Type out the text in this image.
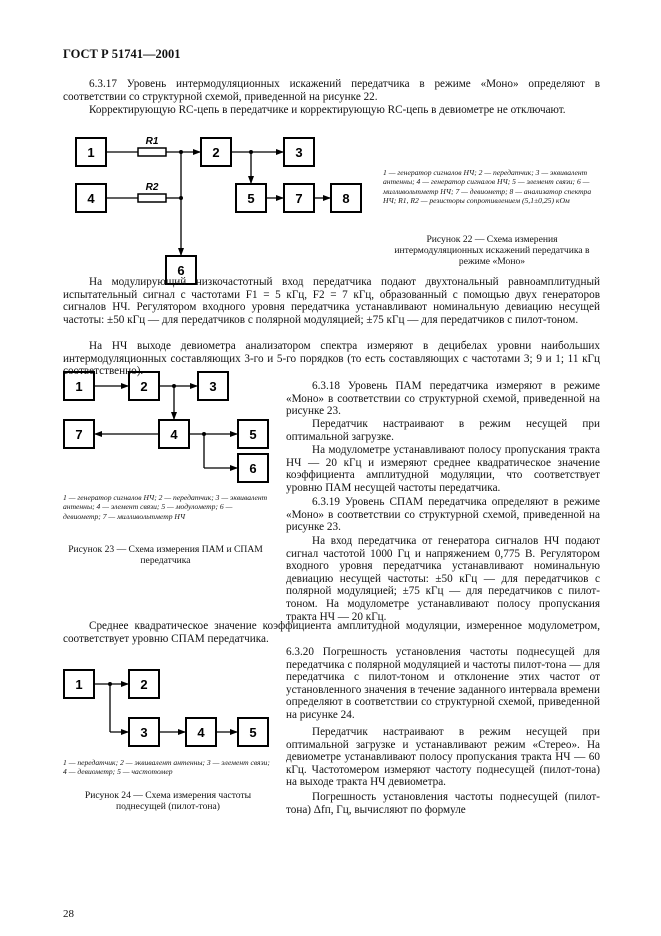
ГОСТ Р 51741—2001
6.3.17 Уровень интермодуляционных искажений передатчика в режиме «Моно» определяют в соответствии со структурной схемой, приведенной на рисунке 22.
Корректирующую RC-цепь в передатчике и корректирующую RC-цепь в девиометре не отключают.
1	2	3
4	5
6
7	8
R1
R2
1 — генератор сигналов НЧ; 2 — передатчик; 3 — эквивалент антенны; 4 — генератор сигналов НЧ; 5 — элемент связи; 6 — милливольтметр НЧ; 7 — девиометр; 8 — анализатор спектра НЧ; R1, R2 — резисторы сопротивлением (5,1±0,25) кОм
Рисунок 22 — Схема измерения интермодуляционных искажений передатчика в режиме «Моно»
На модулирующий низкочастотный вход передатчика подают двухтональный равноамплитудный испытательный сигнал с частотами F1 = 5 кГц, F2 = 7 кГц, образованный с помощью двух генераторов сигналов НЧ. Регулятором входного уровня передатчика устанавливают номинальную девиацию несущей частоты: ±50 кГц — для передатчиков с полярной модуляцией; ±75 кГц — для передатчиков с пилот-тоном.
На НЧ выходе девиометра анализатором спектра измеряют в децибелах уровни наибольших интермодуляционных составляющих 3-го и 5-го порядков (то есть составляющих с частотами 3; 9 и 1; 11 кГц соответственно).
1	2	3
4	5
6
7
1 — генератор сигналов НЧ; 2 — передатчик; 3 — эквивалент антенны; 4 — элемент связи; 5 — модулометр; 6 — девиометр; 7 — милливольтметр НЧ
Рисунок 23 — Схема измерения ПАМ и СПАМ передатчика
6.3.18 Уровень ПАМ передатчика измеряют в режиме «Моно» в соответствии со структурной схемой, приведенной на рисунке 23.
Передатчик настраивают в режим несущей при оптимальной загрузке.
На модулометре устанавливают полосу пропускания тракта НЧ — 20 кГц и измеряют среднее квадратическое значение коэффициента амплитудной модуляции, что соответствует уровню ПАМ несущей частоты передатчика.
6.3.19 Уровень СПАМ передатчика определяют в режиме «Моно» в соответствии со структурной схемой, приведенной на рисунке 23.
На вход передатчика от генератора сигналов НЧ подают сигнал частотой 1000 Гц и напряжением 0,775 В. Регулятором входного уровня передатчика устанавливают номинальную девиацию несущей частоты: ±50 кГц — для передатчиков с полярной модуляцией; ±75 кГц — для передатчиков с пилот-тоном. На модулометре устанавливают полосу пропускания тракта НЧ — 20 кГц.
Среднее квадратическое значение коэффициента амплитудной модуляции, измеренное модулометром, соответствует уровню СПАМ передатчика.
6.3.20 Погрешность установления частоты поднесущей для передатчика с полярной модуляцией и частоты пилот-тона — для передатчика с пилот-тоном и отклонение этих частот от установленного значения в течение заданного интервала времени определяют в соответствии со структурной схемой, приведенной на рисунке 24.
1	2
3	4	5
1 — передатчик; 2 — эквивалент антенны; 3 — элемент связи; 4 — девиометр; 5 — частотомер
Рисунок 24 — Схема измерения частоты поднесущей (пилот-тона)
Передатчик настраивают в режим несущей при оптимальной загрузке и устанавливают режим «Стерео». На девиометре устанавливают полосу пропускания тракта НЧ — 60 кГц. Частотомером измеряют частоту поднесущей (пилот-тона) на выходе тракта НЧ девиометра.
Погрешность установления частоты поднесущей (пилот-тона) Δfп, Гц, вычисляют по формуле
28
